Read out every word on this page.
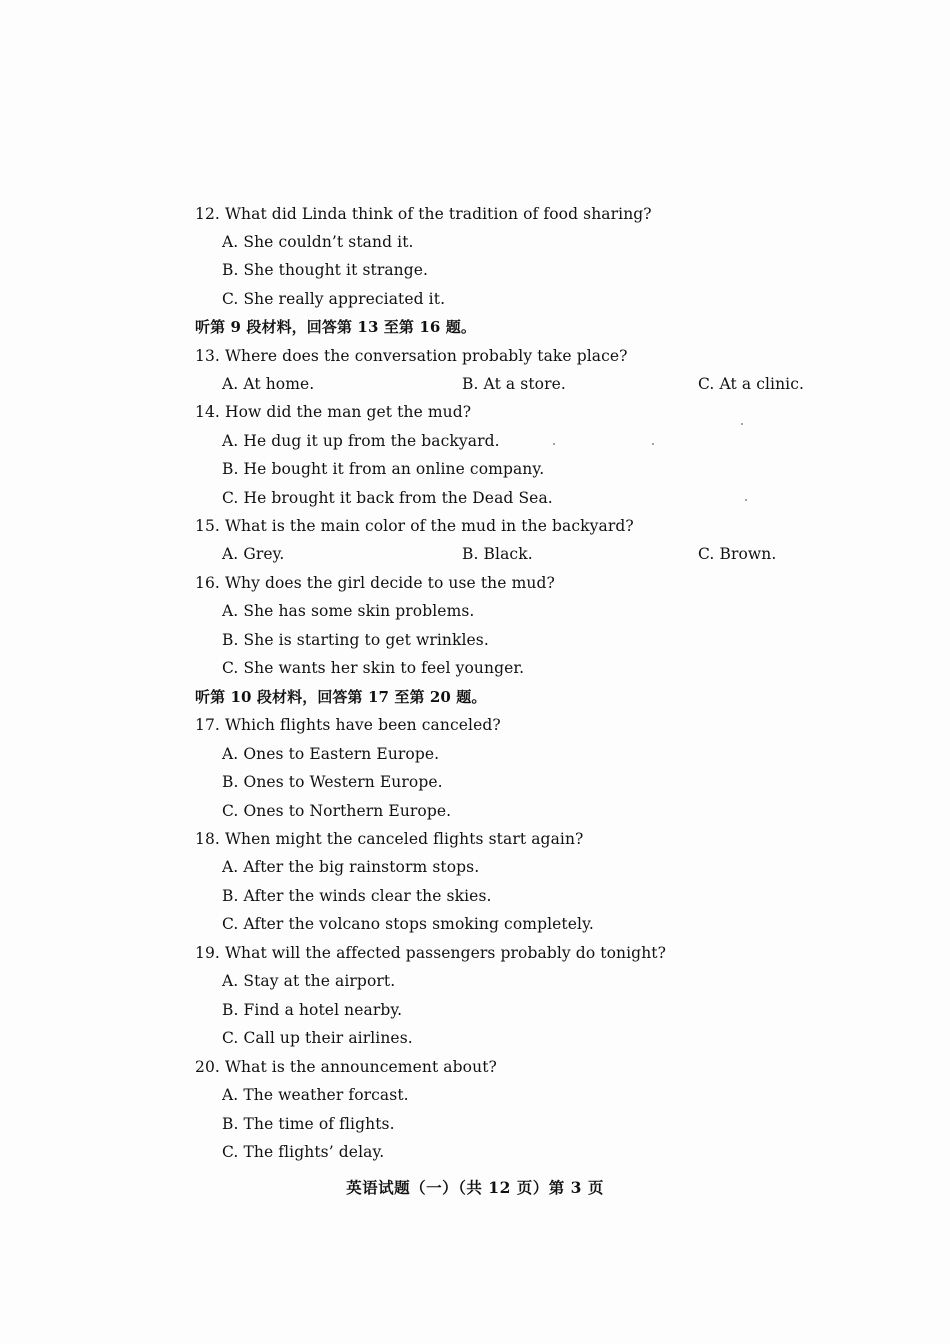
12. What did Linda think of the tradition of food sharing?
A. She couldn’t stand it.
B. She thought it strange.
C. She really appreciated it.
听第 9 段材料，回答第 13 至第 16 题。
13. Where does the conversation probably take place?
A. At home.	B. At a store.	C. At a clinic.
14. How did the man get the mud?
A. He dug it up from the backyard.
B. He bought it from an online company.
C. He brought it back from the Dead Sea.
15. What is the main color of the mud in the backyard?
A. Grey.	B. Black.	C. Brown.
16. Why does the girl decide to use the mud?
A. She has some skin problems.
B. She is starting to get wrinkles.
C. She wants her skin to feel younger.
听第 10 段材料，回答第 17 至第 20 题。
17. Which flights have been canceled?
A. Ones to Eastern Europe.
B. Ones to Western Europe.
C. Ones to Northern Europe.
18. When might the canceled flights start again?
A. After the big rainstorm stops.
B. After the winds clear the skies.
C. After the volcano stops smoking completely.
19. What will the affected passengers probably do tonight?
A. Stay at the airport.
B. Find a hotel nearby.
C. Call up their airlines.
20. What is the announcement about?
A. The weather forcast.
B. The time of flights.
C. The flights’ delay.
英语试题（一）（共 12 页）第 3 页
